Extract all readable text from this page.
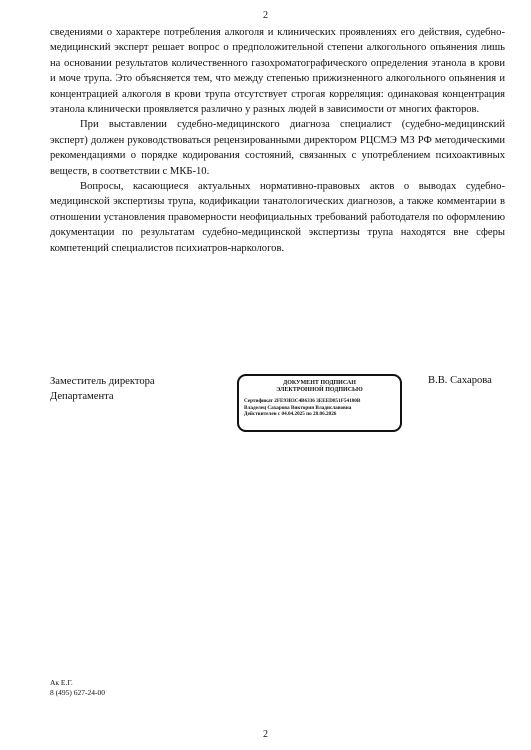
2

сведениями о характере потребления алкоголя и клинических проявлениях его действия, судебно- медицинский эксперт решает вопрос о предположительной степени алкогольного опьянения лишь на основании результатов количественного газохроматографического определения этанола в крови и моче трупа. Это объясняется тем, что между степенью прижизненного алкогольного опьянения и концентрацией алкоголя в крови трупа отсутствует строгая корреляция: одинаковая концентрация этанола клинически проявляется различно у разных людей в зависимости от многих факторов.

При выставлении судебно-медицинского диагноза специалист (судебно-медицинский эксперт) должен руководствоваться рецензированными директором РЦСМЭ МЗ РФ методическими рекомендациями о порядке кодирования состояний, связанных с употреблением психоактивных веществ, в соответствии с МКБ-10.

Вопросы, касающиеся актуальных нормативно-правовых актов о выводах судебно-медицинской экспертизы трупа, кодификации танатологических диагнозов, а также комментарии в отношении установления правомерности неофициальных требований работодателя по оформлению документации по результатам судебно-медицинской экспертизы трупа находятся вне сферы компетенций специалистов психиатров-наркологов.

Заместитель директора
Департамента
ДОКУМЕНТ ПОДПИСАН
ЭЛЕКТРОННОЙ ПОДПИСЬЮ
Сертификат 2FE93B3C4B6336 3EEED851F54180B
Владелец Сахарова Виктория Владиславовна
Действителен с 04.04.2025 по 28.06.2026
В.В. Сахарова
Ак Е.Г.
8 (495) 627-24-00
2
